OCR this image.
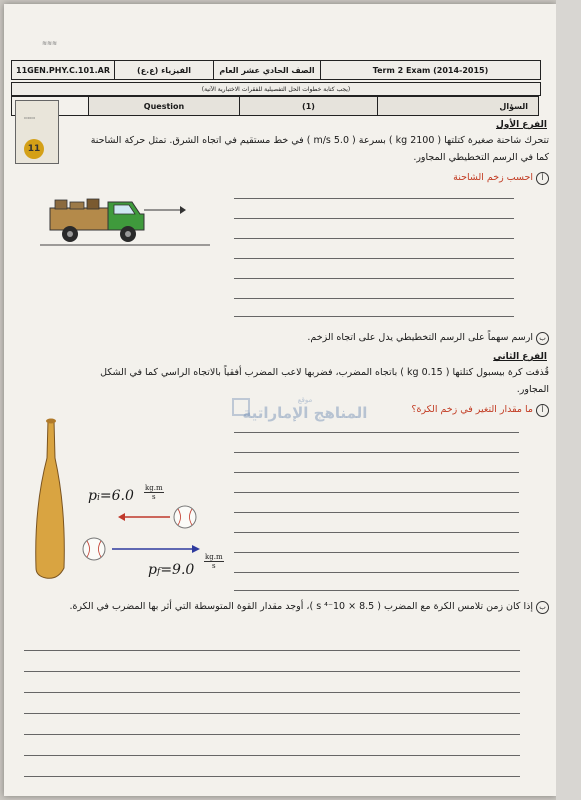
≋≋≋
11GEN.PHY.C.101.AR	الفيزياء (ع.ع)	الصف الحادي عشر العام	Term 2 Exam (2014-2015)
(يجب كتابة خطوات الحل التفصيلية للفقرات الاختبارية الآتية)
Question	(1)	السؤال
▭▭▭
11
الفرع الأول
تتحرك شاحنة صغيرة كتلتها ( 2100 kg ) بسرعة ( 5.0 m/s ) في خط مستقيم في اتجاه الشرق. تمثل حركة الشاحنة كما في الرسم التخطيطي المجاور.
أاحسب زخم الشاحنة
بارسم سهماً على الرسم التخطيطي يدل على اتجاه الزخم.
الفرع الثاني
قُذفت كرة بيسبول كتلتها ( 0.15 kg ) باتجاه المضرب، فضربها لاعب المضرب أفقياً بالاتجاه الراسي كما في الشكل المجاور.
أما مقدار التغير في زخم الكرة؟
موقع
المناهج الإماراتية
$pi=6.0 \frac{kg.m}{s}$
$pf=9.0 \frac{kg.m}{s}$
بإذا كان زمن تلامس الكرة مع المضرب ( 8.5 × 10⁻⁴ s )، أوجد مقدار القوة المتوسطة التي أثر بها المضرب في الكرة.
